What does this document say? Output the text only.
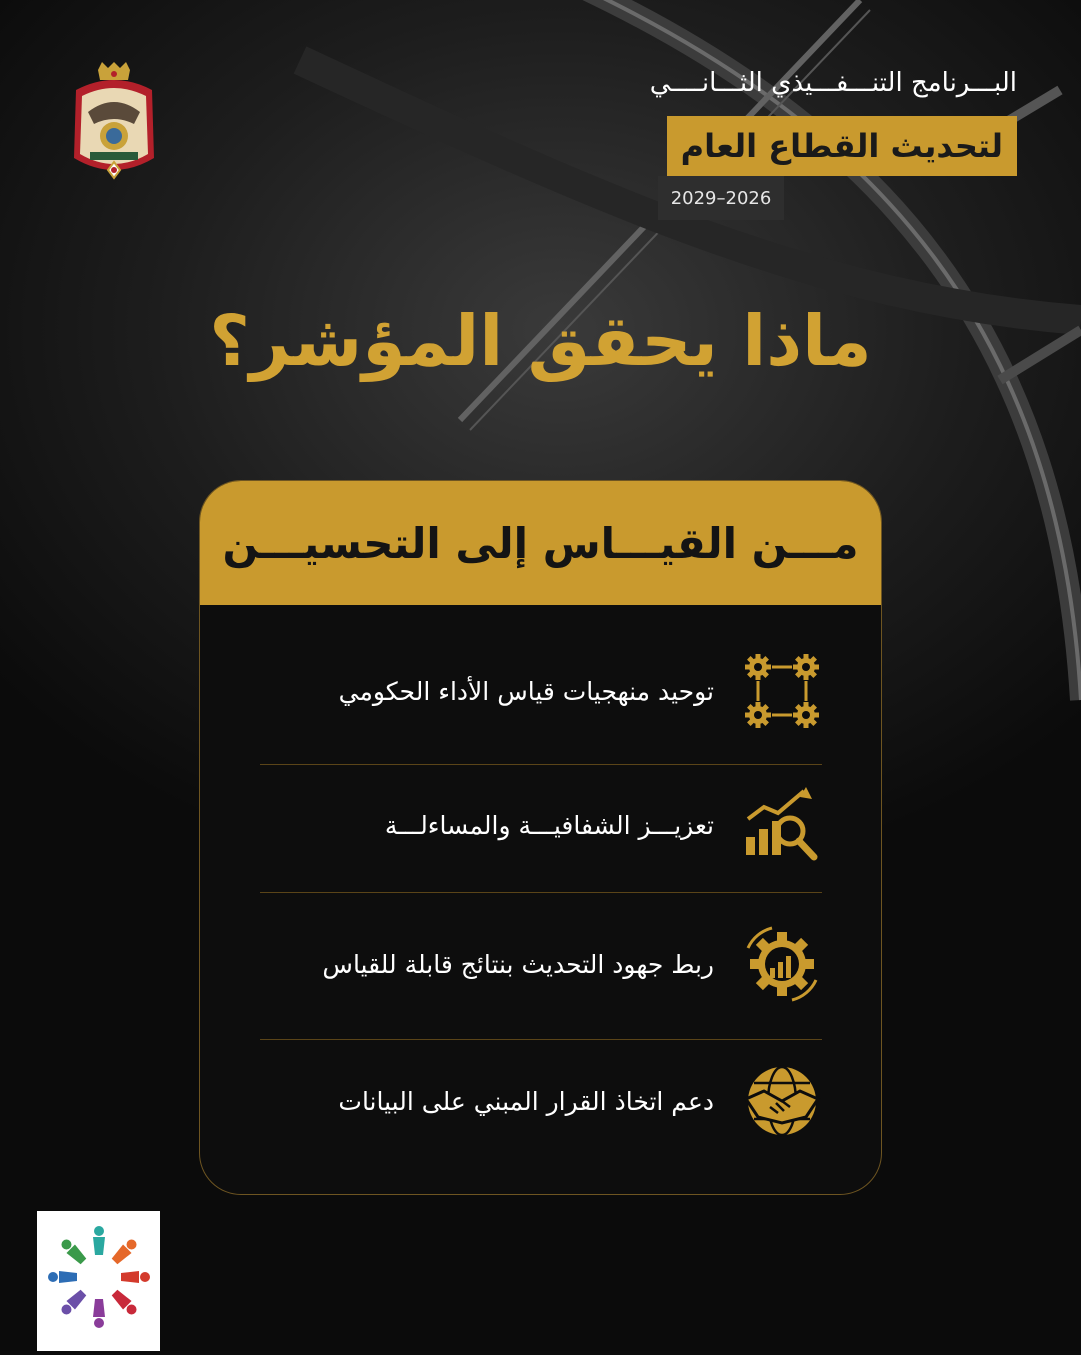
البـــرنامج التنـــفـــيذي الثـــانــــي
لتحديث القطاع العام
2029–2026
ماذا يحقق المؤشر؟
مـــن القيـــاس إلى التحسيـــن
توحيد منهجيات قياس الأداء الحكومي
تعزيـــز الشفافيـــة والمساءلـــة
ربط جهود التحديث بنتائج قابلة للقياس
دعم اتخاذ القرار المبني على البيانات
